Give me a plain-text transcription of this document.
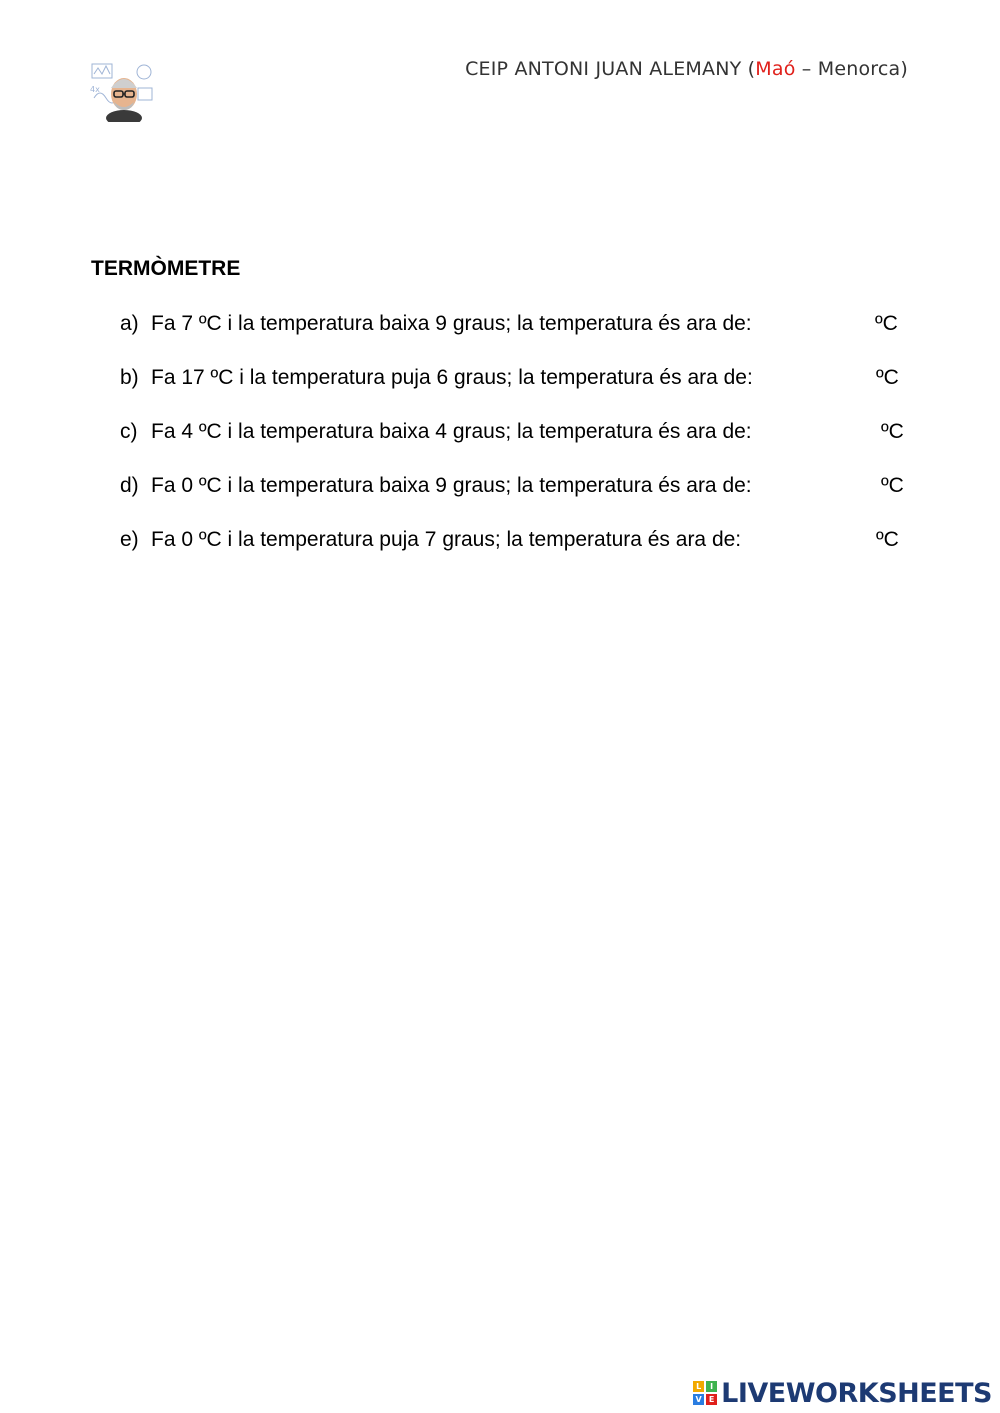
4x
CEIP ANTONI JUAN ALEMANY (Maó – Menorca)
TERMÒMETRE
a) Fa 7 ºC i la temperatura baixa 9 graus; la temperatura és ara de:	ºC
b) Fa 17 ºC i la temperatura puja 6 graus; la temperatura és ara de:	ºC
c) Fa 4 ºC i la temperatura baixa 4 graus; la temperatura és ara de:	ºC
d) Fa 0 ºC i la temperatura baixa 9 graus; la temperatura és ara de:	ºC
e) Fa 0 ºC i la temperatura puja 7 graus; la temperatura és ara de:	ºC
L	I
V E LIVEWORKSHEETS
